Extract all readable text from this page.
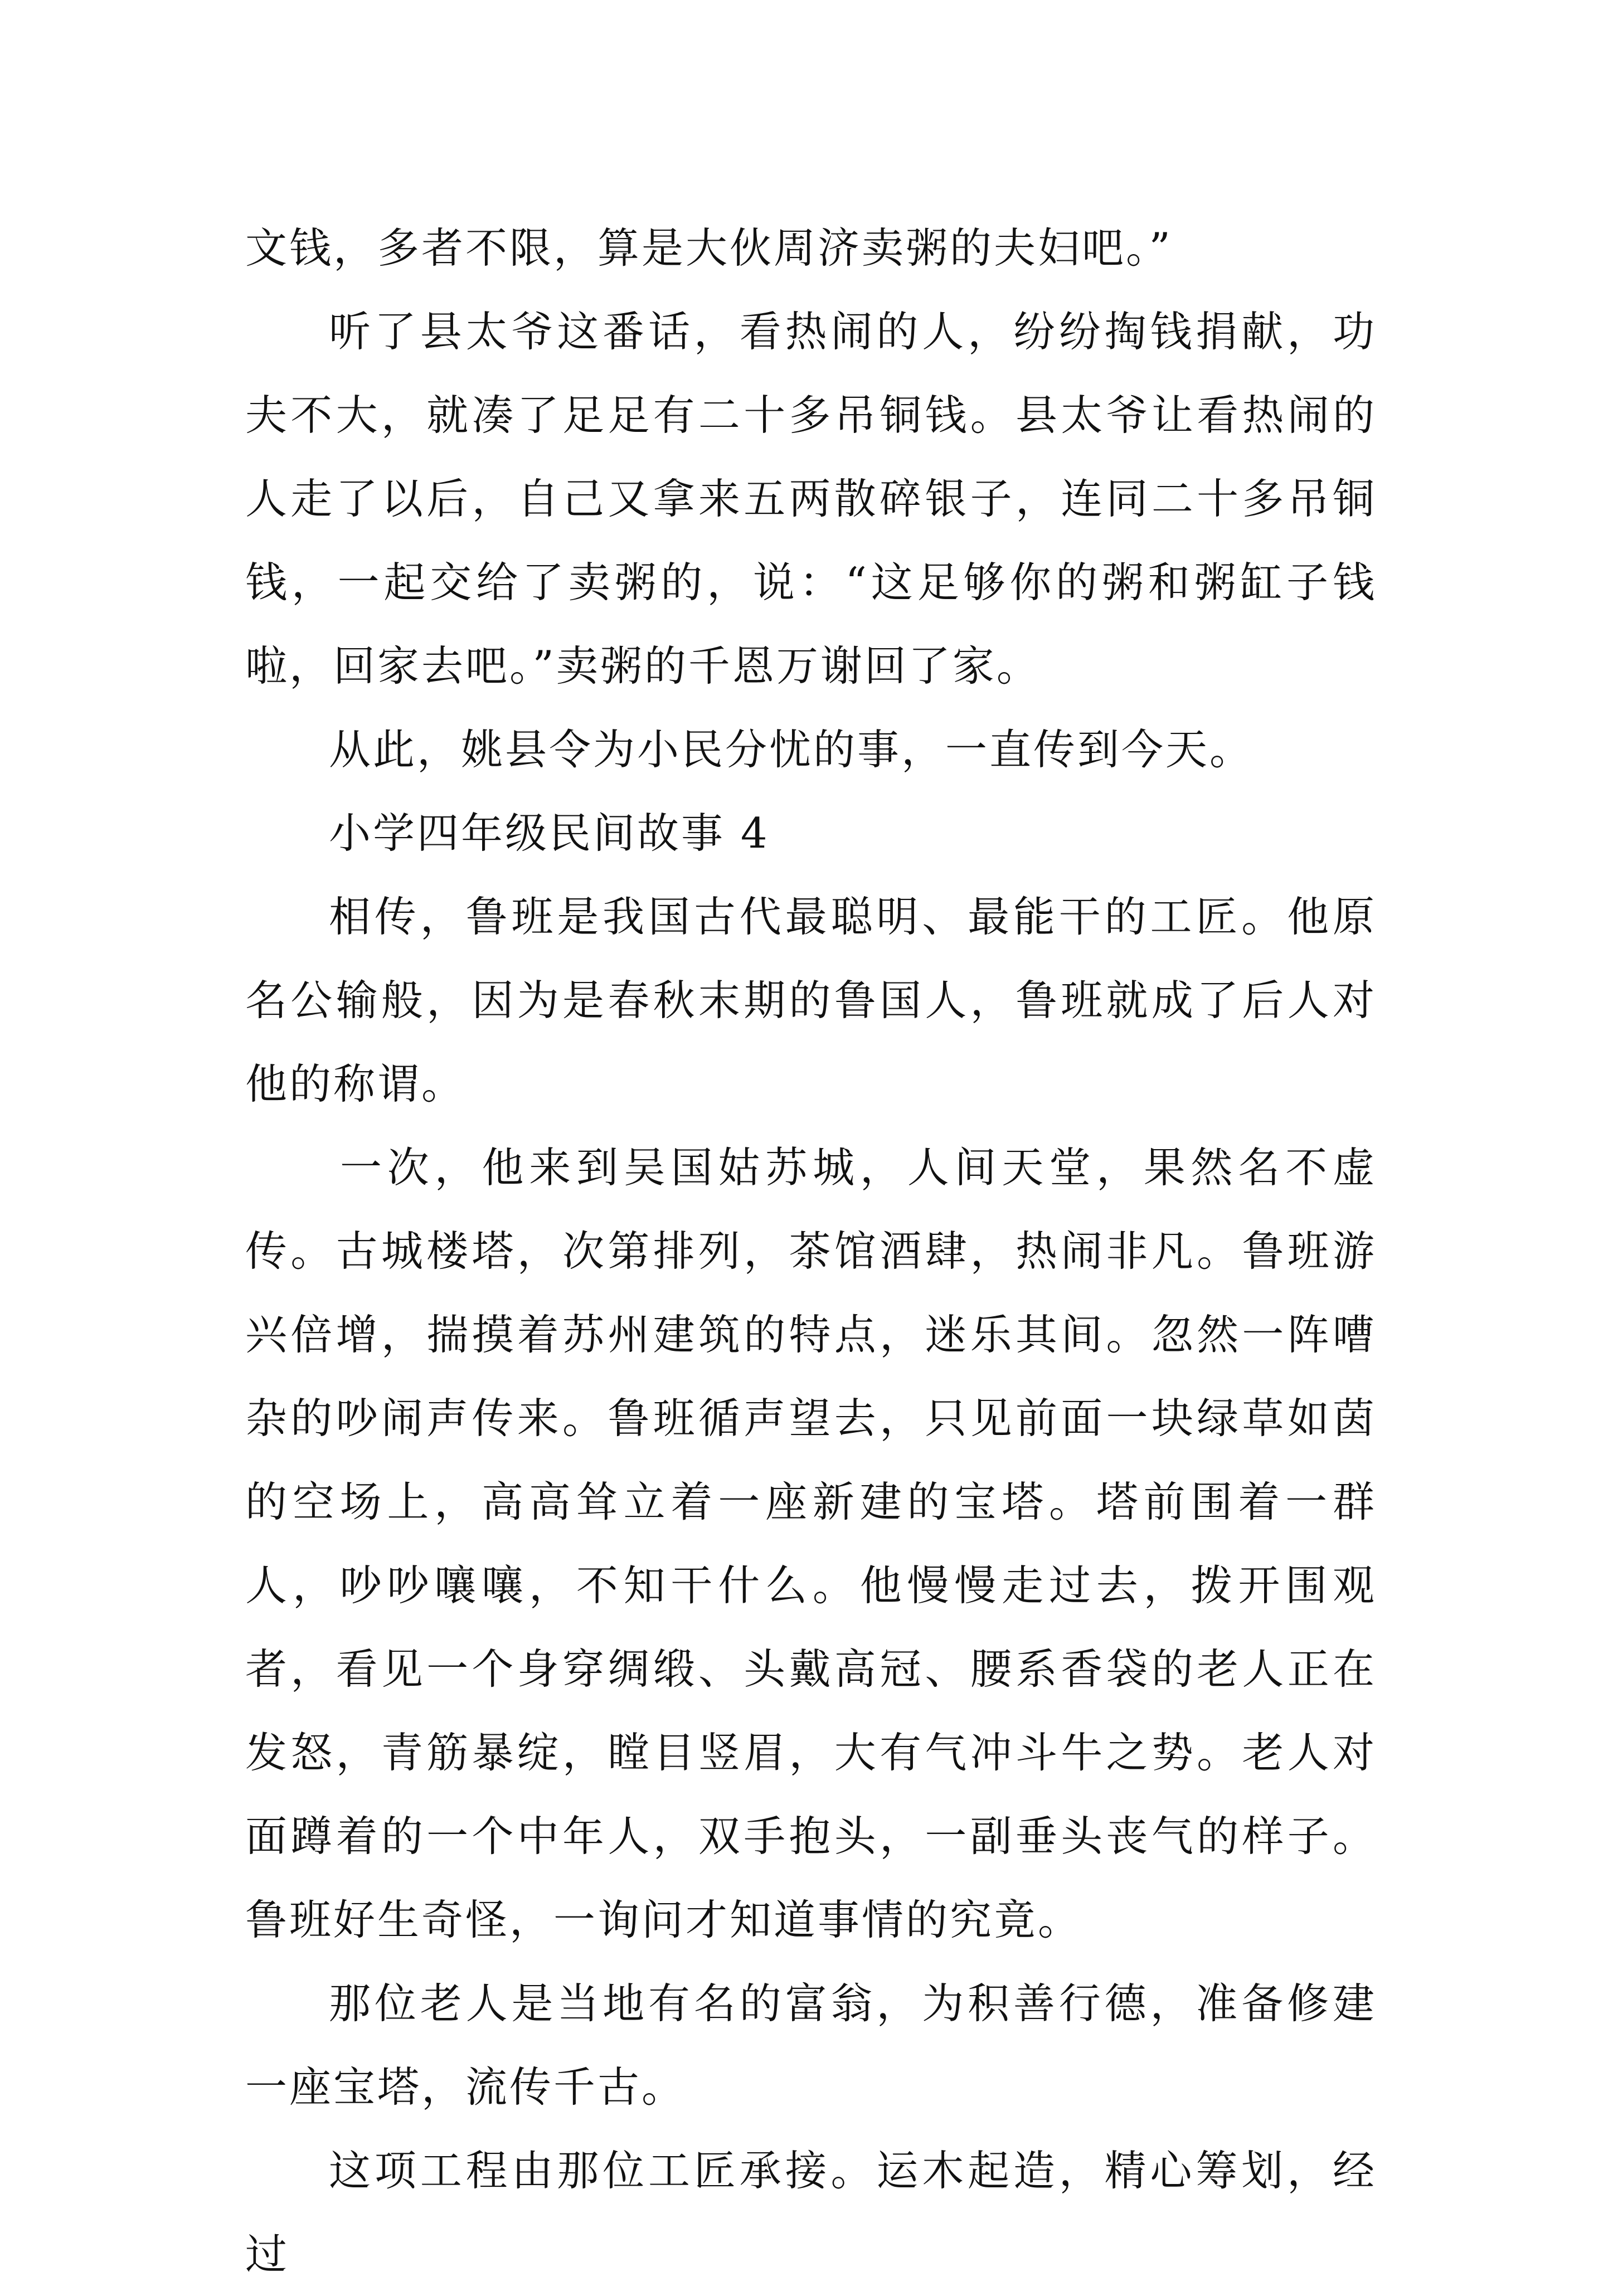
文钱，多者不限，算是大伙周济卖粥的夫妇吧。”

听了县太爷这番话，看热闹的人，纷纷掏钱捐献，功夫不大，就凑了足足有二十多吊铜钱。县太爷让看热闹的人走了以后，自己又拿来五两散碎银子，连同二十多吊铜钱，一起交给了卖粥的，说：“这足够你的粥和粥缸子钱啦，回家去吧。”卖粥的千恩万谢回了家。

从此，姚县令为小民分忧的事，一直传到今天。

小学四年级民间故事 4

相传，鲁班是我国古代最聪明、最能干的工匠。他原名公输般，因为是春秋末期的鲁国人，鲁班就成了后人对他的称谓。

一次，他来到吴国姑苏城，人间天堂，果然名不虚传。古城楼塔，次第排列，茶馆酒肆，热闹非凡。鲁班游兴倍增，揣摸着苏州建筑的特点，迷乐其间。忽然一阵嘈杂的吵闹声传来。鲁班循声望去，只见前面一块绿草如茵的空场上，高高耸立着一座新建的宝塔。塔前围着一群人，吵吵嚷嚷，不知干什么。他慢慢走过去，拨开围观者，看见一个身穿绸缎、头戴高冠、腰系香袋的老人正在发怒，青筋暴绽，瞠目竖眉，大有气冲斗牛之势。老人对面蹲着的一个中年人，双手抱头，一副垂头丧气的样子。鲁班好生奇怪，一询问才知道事情的究竟。

那位老人是当地有名的富翁，为积善行德，准备修建一座宝塔，流传千古。

这项工程由那位工匠承接。运木起造，精心筹划，经过
